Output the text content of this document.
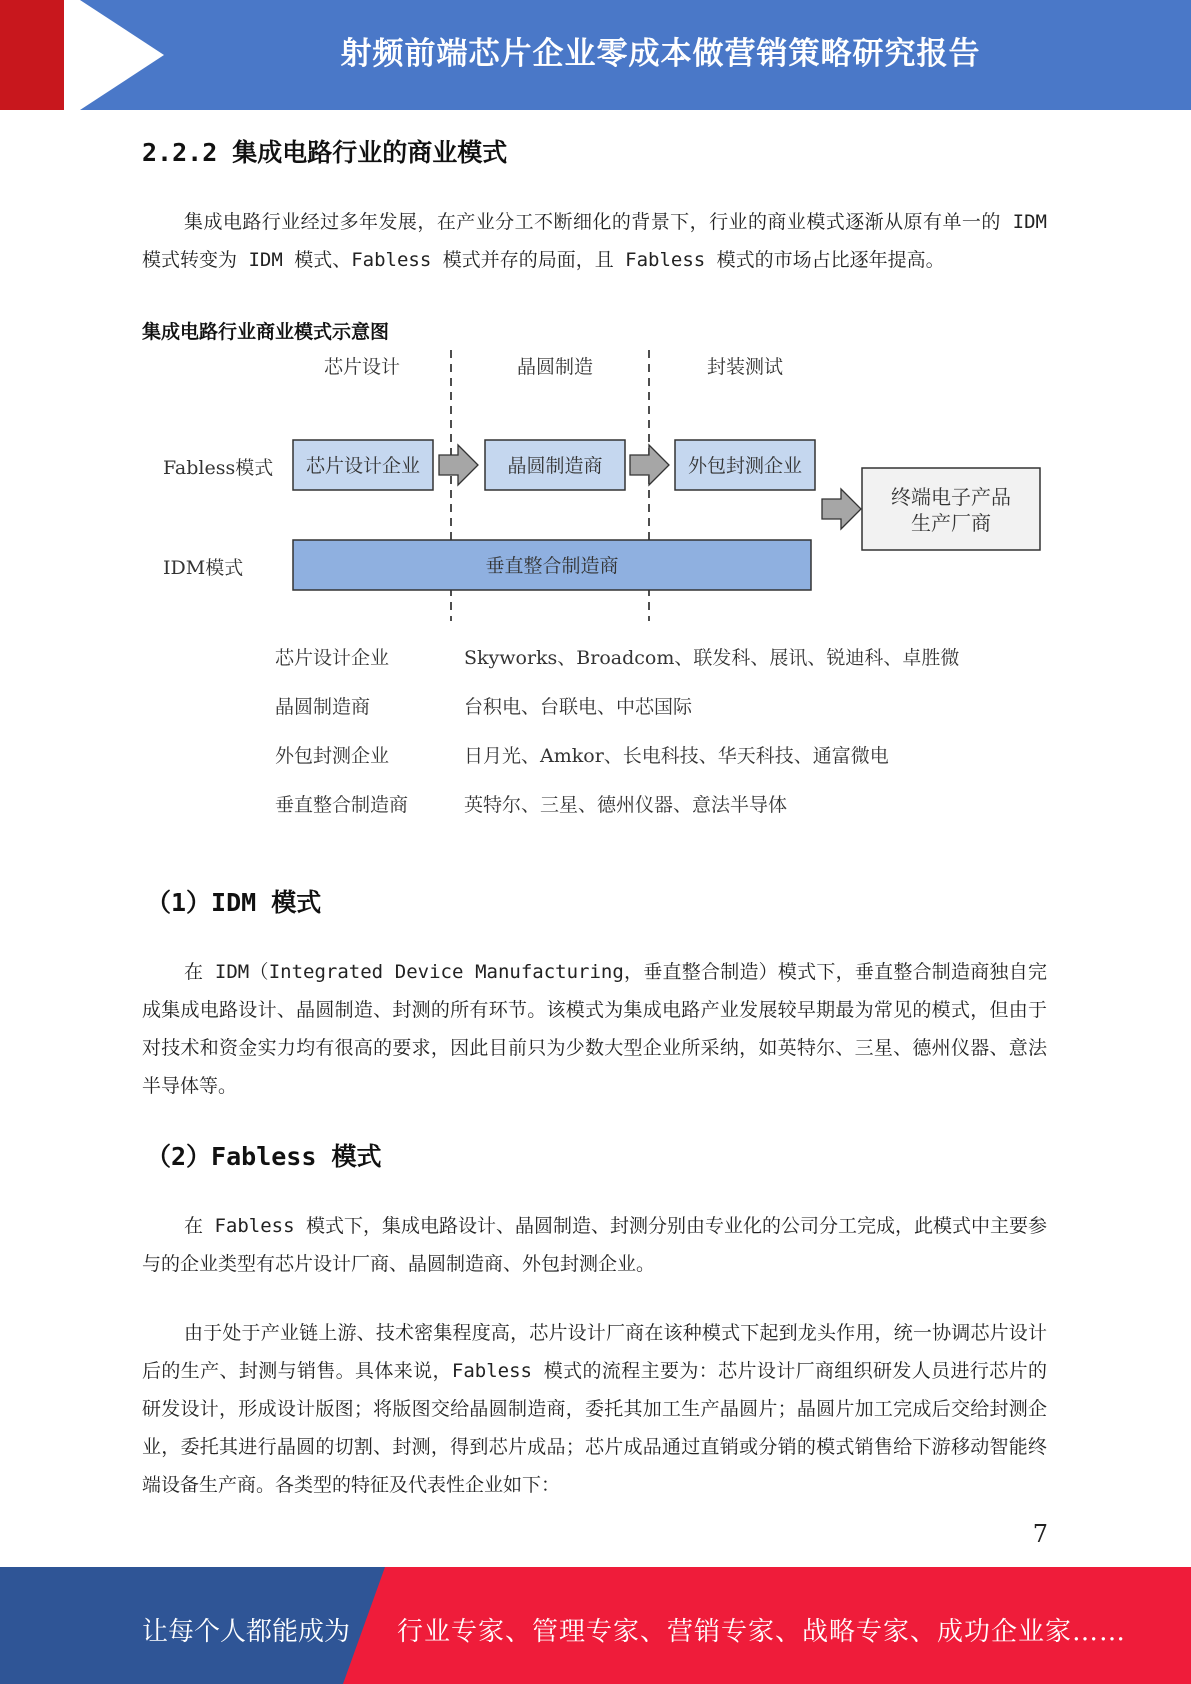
射频前端芯片企业零成本做营销策略研究报告
2.2.2 集成电路行业的商业模式

集成电路行业经过多年发展，在产业分工不断细化的背景下，行业的商业模式逐渐从原有单一的 IDM 模式转变为 IDM 模式、Fabless 模式并存的局面，且 Fabless 模式的市场占比逐年提高。

集成电路行业商业模式示意图
芯片设计	晶圆制造	封装测试
Fabless模式
IDM模式
芯片设计企业	晶圆制造商	外包封测企业
终端电子产品
生产厂商
垂直整合制造商
芯片设计企业	Skyworks、Broadcom、联发科、展讯、锐迪科、卓胜微
晶圆制造商	台积电、台联电、中芯国际
外包封测企业	日月光、Amkor、长电科技、华天科技、通富微电
垂直整合制造商	英特尔、三星、德州仪器、意法半导体
（1）IDM 模式

在 IDM（Integrated Device Manufacturing，垂直整合制造）模式下，垂直整合制造商独自完成集成电路设计、晶圆制造、封测的所有环节。该模式为集成电路产业发展较早期最为常见的模式，但由于对技术和资金实力均有很高的要求，因此目前只为少数大型企业所采纳，如英特尔、三星、德州仪器、意法半导体等。

（2）Fabless 模式

在 Fabless 模式下，集成电路设计、晶圆制造、封测分别由专业化的公司分工完成，此模式中主要参与的企业类型有芯片设计厂商、晶圆制造商、外包封测企业。

由于处于产业链上游、技术密集程度高，芯片设计厂商在该种模式下起到龙头作用，统一协调芯片设计后的生产、封测与销售。具体来说，Fabless 模式的流程主要为：芯片设计厂商组织研发人员进行芯片的研发设计，形成设计版图；将版图交给晶圆制造商，委托其加工生产晶圆片；晶圆片加工完成后交给封测企业，委托其进行晶圆的切割、封测，得到芯片成品；芯片成品通过直销或分销的模式销售给下游移动智能终端设备生产商。各类型的特征及代表性企业如下：

7
让每个人都能成为 行业专家、管理专家、营销专家、战略专家、成功企业家……
